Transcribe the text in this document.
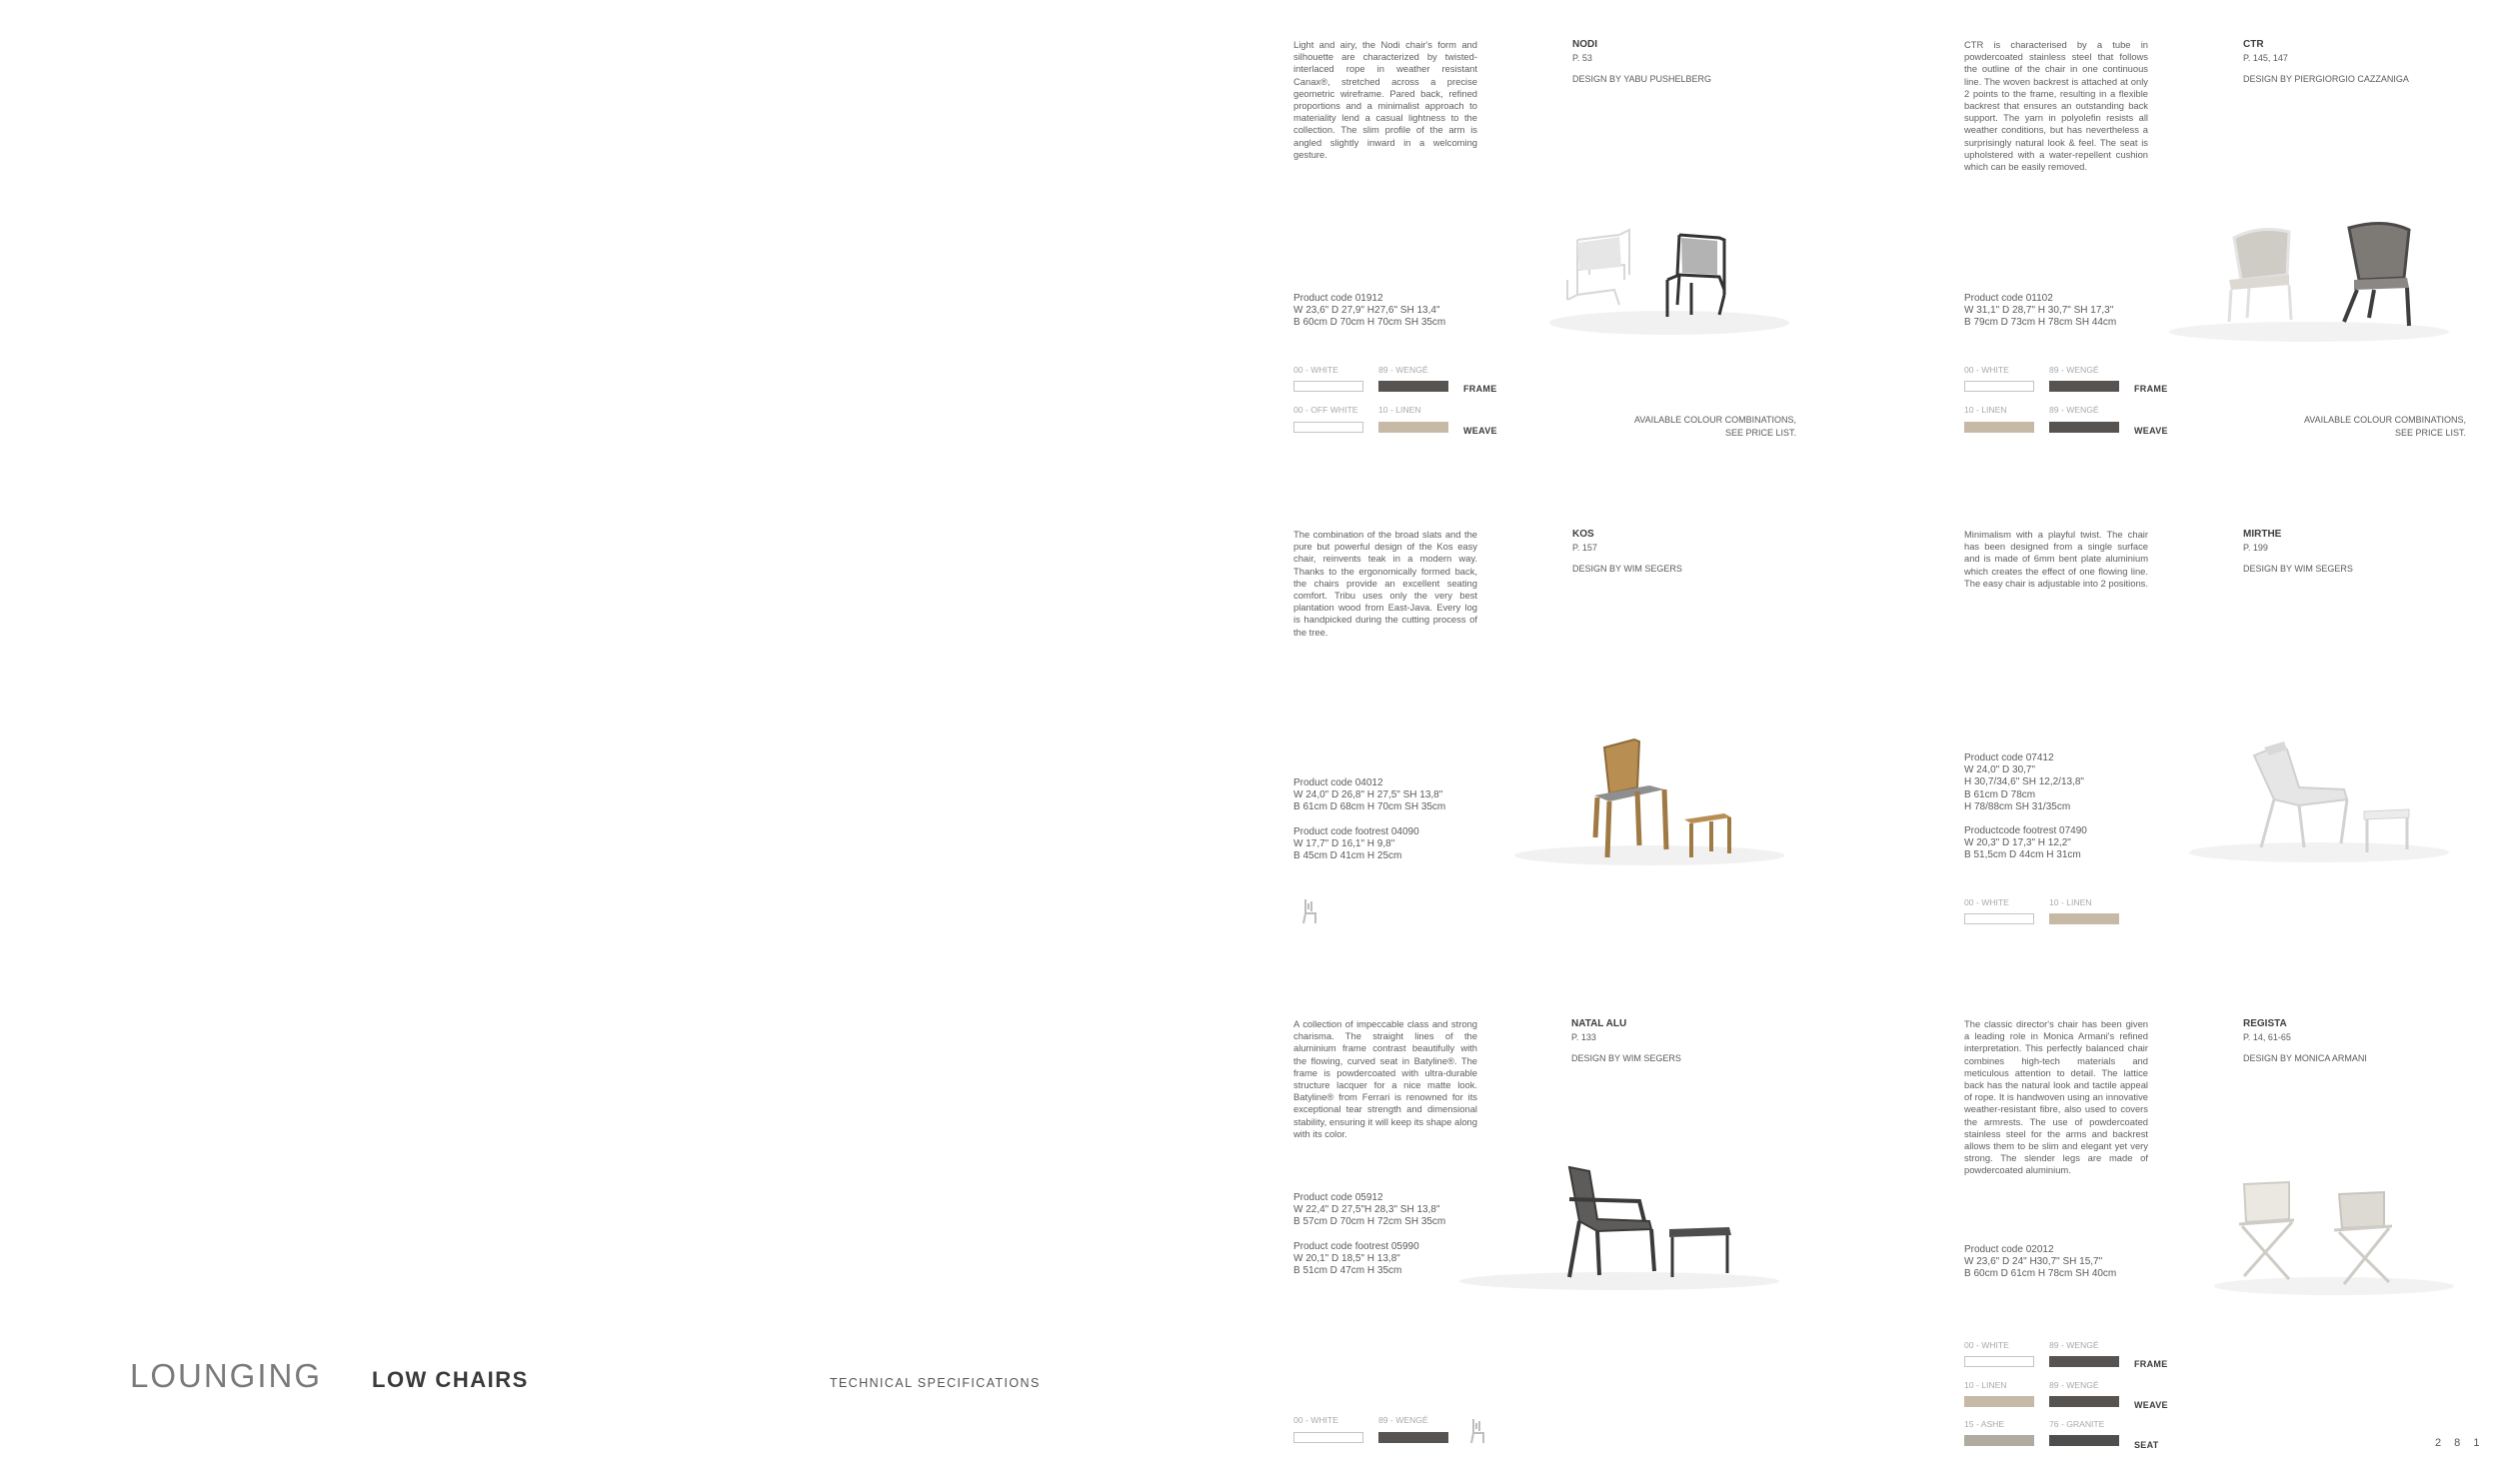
LOUNGING LOW CHAIRS	TECHNICAL SPECIFICATIONS
Light and airy, the Nodi chair's form and silhouette are characterized by twisted-interlaced rope in weather resistant Canax®, stretched across a precise geometric wireframe. Pared back, refined proportions and a minimalist approach to materiality lend a casual lightness to the collection. The slim profile of the arm is angled slightly inward in a welcoming gesture.
NODI
P. 53
DESIGN BY YABU PUSHELBERG
Product code 01912
W 23,6" D 27,9" H27,6" SH 13,4"
B 60cm D 70cm H 70cm SH 35cm
00 - WHITE	89 - WENGÉ
FRAME
00 - OFF WHITE 10 - LINEN
WEAVE
AVAILABLE COLOUR COMBINATIONS,
SEE PRICE LIST.
CTR is characterised by a tube in powdercoated stainless steel that follows the outline of the chair in one continuous line. The woven backrest is attached at only 2 points to the frame, resulting in a flexible backrest that ensures an outstanding back support. The yarn in polyolefin resists all weather conditions, but has nevertheless a surprisingly natural look & feel. The seat is upholstered with a water-repellent cushion which can be easily removed.
CTR
P. 145, 147
DESIGN BY PIERGIORGIO CAZZANIGA
Product code 01102
W 31,1" D 28,7" H 30,7" SH 17,3"
B 79cm D 73cm H 78cm SH 44cm
00 - WHITE	89 - WENGÉ
FRAME
10 - LINEN	89 - WENGÉ
WEAVE
AVAILABLE COLOUR COMBINATIONS,
SEE PRICE LIST.
The combination of the broad slats and the pure but powerful design of the Kos easy chair, reinvents teak in a modern way. Thanks to the ergonomically formed back, the chairs provide an excellent seating comfort. Tribu uses only the very best plantation wood from East-Java. Every log is handpicked during the cutting process of the tree.
KOS
P. 157
DESIGN BY WIM SEGERS
Product code 04012
W 24,0" D 26,8" H 27,5" SH 13,8"
B 61cm D 68cm H 70cm SH 35cm
Product code footrest 04090
W 17,7" D 16,1" H 9,8"
B 45cm D 41cm H 25cm
Minimalism with a playful twist. The chair has been designed from a single surface and is made of 6mm bent plate aluminium which creates the effect of one flowing line. The easy chair is adjustable into 2 positions.
MIRTHE
P. 199
DESIGN BY WIM SEGERS
Product code 07412
W 24,0" D 30,7"
H 30,7/34,6" SH 12,2/13,8"
B 61cm D 78cm
H 78/88cm SH 31/35cm
Productcode footrest 07490
W 20,3" D 17,3" H 12,2"
B 51,5cm D 44cm H 31cm
00 - WHITE	10 - LINEN
A collection of impeccable class and strong charisma. The straight lines of the aluminium frame contrast beautifully with the flowing, curved seat in Batyline®. The frame is powdercoated with ultra-durable structure lacquer for a nice matte look. Batyline® from Ferrari is renowned for its exceptional tear strength and dimensional stability, ensuring it will keep its shape along with its color.
NATAL ALU
P. 133
DESIGN BY WIM SEGERS
Product code 05912
W 22,4" D 27,5"H 28,3" SH 13,8"
B 57cm D 70cm H 72cm SH 35cm
Product code footrest 05990
W 20,1" D 18,5" H 13,8"
B 51cm D 47cm H 35cm
00 - WHITE	89 - WENGÉ
The classic director's chair has been given a leading role in Monica Armani's refined interpretation. This perfectly balanced chair combines high-tech materials and meticulous attention to detail. The lattice back has the natural look and tactile appeal of rope. It is handwoven using an innovative weather-resistant fibre, also used to covers the armrests. The use of powdercoated stainless steel for the arms and backrest allows them to be slim and elegant yet very strong. The slender legs are made of powdercoated aluminium.
REGISTA
P. 14, 61-65
DESIGN BY MONICA ARMANI
Product code 02012
W 23,6" D 24" H30,7" SH 15,7"
B 60cm D 61cm H 78cm SH 40cm
00 - WHITE	89 - WENGÉ
FRAME
10 - LINEN	89 - WENGÉ
WEAVE
15 - ASHE	76 - GRANITE
SEAT	2 8 1
